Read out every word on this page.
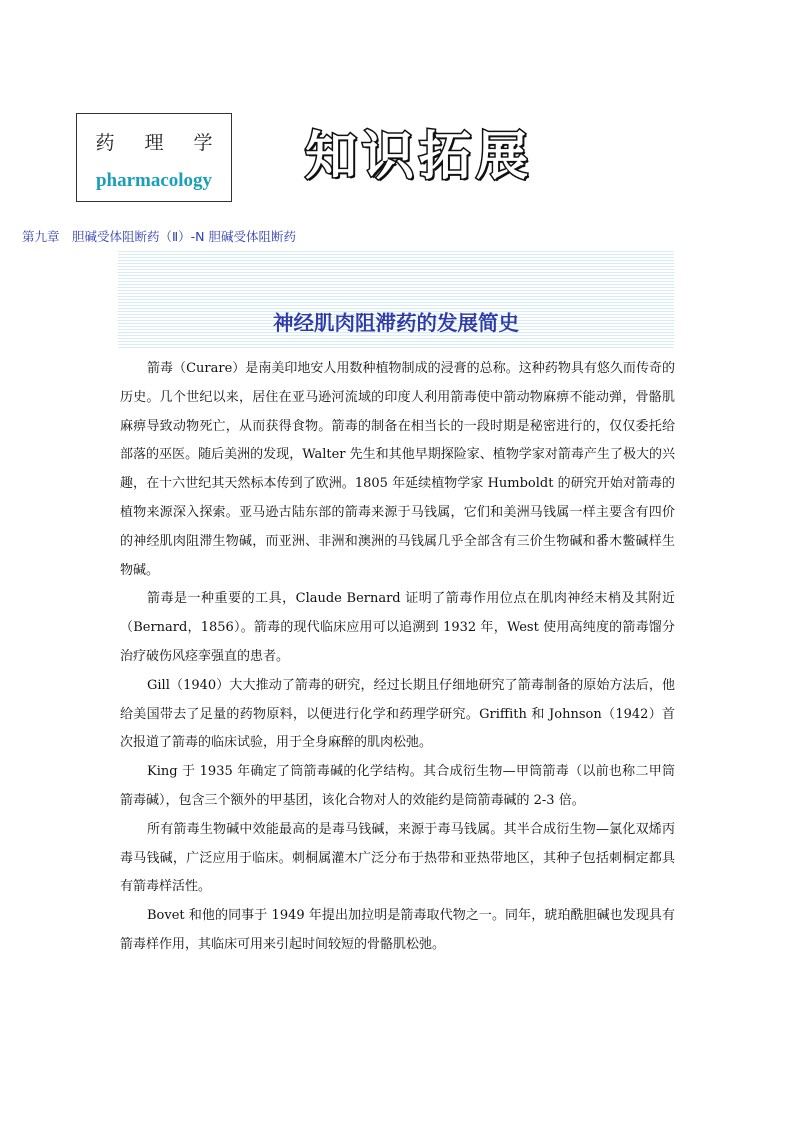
药 理 学
pharmacology	知识拓展
第九章　胆碱受体阻断药（Ⅱ）-N 胆碱受体阻断药
神经肌肉阻滞药的发展简史

箭毒（Curare）是南美印地安人用数种植物制成的浸膏的总称。这种药物具有悠久而传奇的历史。几个世纪以来，居住在亚马逊河流域的印度人利用箭毒使中箭动物麻痹不能动弹，骨骼肌麻痹导致动物死亡，从而获得食物。箭毒的制备在相当长的一段时期是秘密进行的，仅仅委托给部落的巫医。随后美洲的发现，Walter 先生和其他早期探险家、植物学家对箭毒产生了极大的兴趣，在十六世纪其天然标本传到了欧洲。1805 年延续植物学家 Humboldt 的研究开始对箭毒的植物来源深入探索。亚马逊古陆东部的箭毒来源于马钱属，它们和美洲马钱属一样主要含有四价的神经肌肉阻滞生物碱，而亚洲、非洲和澳洲的马钱属几乎全部含有三价生物碱和番木鳖碱样生物碱。

箭毒是一种重要的工具，Claude Bernard 证明了箭毒作用位点在肌肉神经末梢及其附近（Bernard，1856）。箭毒的现代临床应用可以追溯到 1932 年，West 使用高纯度的箭毒馏分治疗破伤风痉挛强直的患者。

Gill（1940）大大推动了箭毒的研究，经过长期且仔细地研究了箭毒制备的原始方法后，他给美国带去了足量的药物原料，以便进行化学和药理学研究。Griffith 和 Johnson（1942）首次报道了箭毒的临床试验，用于全身麻醉的肌肉松弛。

King 于 1935 年确定了筒箭毒碱的化学结构。其合成衍生物—甲筒箭毒（以前也称二甲筒箭毒碱），包含三个额外的甲基团，该化合物对人的效能约是筒箭毒碱的 2-3 倍。

所有箭毒生物碱中效能最高的是毒马钱碱，来源于毒马钱属。其半合成衍生物—氯化双烯丙毒马钱碱，广泛应用于临床。刺桐属灌木广泛分布于热带和亚热带地区，其种子包括刺桐定都具有箭毒样活性。

Bovet 和他的同事于 1949 年提出加拉明是箭毒取代物之一。同年，琥珀酰胆碱也发现具有箭毒样作用，其临床可用来引起时间较短的骨骼肌松弛。
